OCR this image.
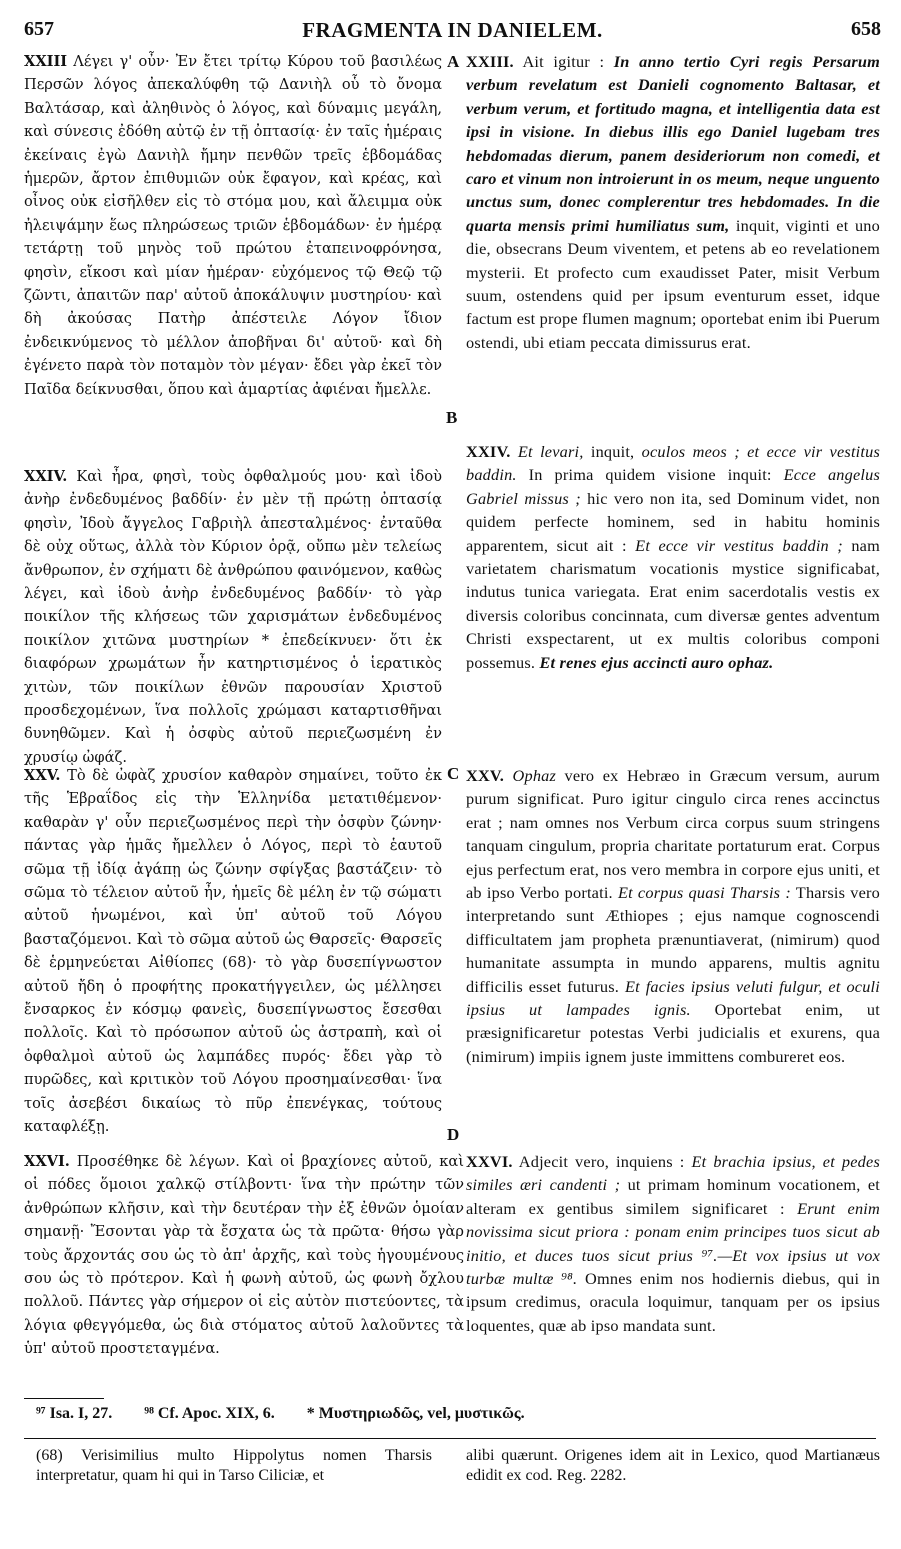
657	FRAGMENTA IN DANIELEM.	658
A
B
C
D

XXIII Λέγει γ' οὖν· Ἐν ἔτει τρίτῳ Κύρου τοῦ βασιλέως Περσῶν λόγος ἀπεκαλύφθη τῷ Δανιὴλ οὗ τὸ ὄνομα Βαλτάσαρ, καὶ ἀληθινὸς ὁ λόγος, καὶ δύναμις μεγάλη, καὶ σύνεσις ἐδόθη αὐτῷ ἐν τῇ ὀπτασίᾳ· ἐν ταῖς ἡμέραις ἐκείναις ἐγὼ Δανιὴλ ἤμην πενθῶν τρεῖς ἑβδομάδας ἡμερῶν, ἄρτον ἐπιθυμιῶν οὐκ ἔφαγον, καὶ κρέας, καὶ οἶνος οὐκ εἰσῆλθεν εἰς τὸ στόμα μου, καὶ ἄλειμμα οὐκ ἠλειψάμην ἕως πληρώσεως τριῶν ἑβδομάδων· ἐν ἡμέρᾳ τετάρτῃ τοῦ μηνὸς τοῦ πρώτου ἐταπεινοφρόνησα, φησὶν, εἴκοσι καὶ μίαν ἡμέραν· εὐχόμενος τῷ Θεῷ τῷ ζῶντι, ἀπαιτῶν παρ' αὐτοῦ ἀποκάλυψιν μυστηρίου· καὶ δὴ ἀκούσας Πατὴρ ἀπέστειλε Λόγον ἴδιον ἐνδεικνύμενος τὸ μέλλον ἀποβῆναι δι' αὐτοῦ· καὶ δὴ ἐγένετο παρὰ τὸν ποταμὸν τὸν μέγαν· ἔδει γὰρ ἐκεῖ τὸν Παῖδα δείκνυσθαι, ὅπου καὶ ἁμαρτίας ἀφιέναι ἤμελλε.

XXIV. Καὶ ἦρα, φησὶ, τοὺς ὀφθαλμούς μου· καὶ ἰδοὺ ἀνὴρ ἐνδεδυμένος βαδδίν· ἐν μὲν τῇ πρώτῃ ὀπτασίᾳ φησὶν, Ἰδοὺ ἄγγελος Γαβριὴλ ἀπεσταλμένος· ἐνταῦθα δὲ οὐχ οὕτως, ἀλλὰ τὸν Κύριον ὁρᾷ, οὔπω μὲν τελείως ἄνθρωπον, ἐν σχήματι δὲ ἀνθρώπου φαινόμενον, καθὼς λέγει, καὶ ἰδοὺ ἀνὴρ ἐνδεδυμένος βαδδίν· τὸ γὰρ ποικίλον τῆς κλήσεως τῶν χαρισμάτων ἐνδεδυμένος ποικίλον χιτῶνα μυστηρίων * ἐπεδείκνυεν· ὅτι ἐκ διαφόρων χρωμάτων ἦν κατηρτισμένος ὁ ἱερατικὸς χιτὼν, τῶν ποικίλων ἐθνῶν παρουσίαν Χριστοῦ προσδεχομένων, ἵνα πολλοῖς χρώμασι καταρτισθῆναι δυνηθῶμεν. Καὶ ἡ ὀσφὺς αὐτοῦ περιεζωσμένη ἐν χρυσίῳ ὠφάζ.

XXV. Τὸ δὲ ὠφὰζ χρυσίον καθαρὸν σημαίνει, τοῦτο ἐκ τῆς Ἑβραΐδος εἰς τὴν Ἑλληνίδα μετατιθέμενον· καθαρὰν γ' οὖν περιεζωσμένος περὶ τὴν ὀσφὺν ζώνην· πάντας γὰρ ἡμᾶς ἤμελλεν ὁ Λόγος, περὶ τὸ ἑαυτοῦ σῶμα τῇ ἰδίᾳ ἀγάπῃ ὡς ζώνην σφίγξας βαστάζειν· τὸ σῶμα τὸ τέλειον αὐτοῦ ἦν, ἡμεῖς δὲ μέλη ἐν τῷ σώματι αὐτοῦ ἡνωμένοι, καὶ ὑπ' αὐτοῦ τοῦ Λόγου βασταζόμενοι. Καὶ τὸ σῶμα αὐτοῦ ὡς Θαρσεῖς· Θαρσεῖς δὲ ἑρμηνεύεται Αἰθίοπες (68)· τὸ γὰρ δυσεπίγνωστον αὐτοῦ ἤδη ὁ προφήτης προκατήγγειλεν, ὡς μέλλησει ἔνσαρκος ἐν κόσμῳ φανεὶς, δυσεπίγνωστος ἔσεσθαι πολλοῖς. Καὶ τὸ πρόσωπον αὐτοῦ ὡς ἀστραπὴ, καὶ οἱ ὀφθαλμοὶ αὐτοῦ ὡς λαμπάδες πυρός· ἔδει γὰρ τὸ πυρῶδες, καὶ κριτικὸν τοῦ Λόγου προσημαίνεσθαι· ἵνα τοῖς ἀσεβέσι δικαίως τὸ πῦρ ἐπενέγκας, τούτους καταφλέξῃ.

XXVI. Προσέθηκε δὲ λέγων. Καὶ οἱ βραχίονες αὐτοῦ, καὶ οἱ πόδες ὅμοιοι χαλκῷ στίλβοντι· ἵνα τὴν πρώτην τῶν ἀνθρώπων κλῆσιν, καὶ τὴν δευτέραν τὴν ἐξ ἐθνῶν ὁμοίαν σημανῇ· Ἔσονται γὰρ τὰ ἔσχατα ὡς τὰ πρῶτα· θήσω γὰρ τοὺς ἄρχοντάς σου ὡς τὸ ἀπ' ἀρχῆς, καὶ τοὺς ἡγουμένους σου ὡς τὸ πρότερον. Καὶ ἡ φωνὴ αὐτοῦ, ὡς φωνὴ ὄχλου πολλοῦ. Πάντες γὰρ σήμερον οἱ εἰς αὐτὸν πιστεύοντες, τὰ λόγια φθεγγόμεθα, ὡς διὰ στόματος αὐτοῦ λαλοῦντες τὰ ὑπ' αὐτοῦ προστεταγμένα.

XXIII. Ait igitur : In anno tertio Cyri regis Persarum verbum revelatum est Danieli cognomento Baltasar, et verbum verum, et fortitudo magna, et intelligentia data est ipsi in visione. In diebus illis ego Daniel lugebam tres hebdomadas dierum, panem desideriorum non comedi, et caro et vinum non introierunt in os meum, neque unguento unctus sum, donec complerentur tres hebdomades. In die quarta mensis primi humiliatus sum, inquit, viginti et uno die, obsecrans Deum viventem, et petens ab eo revelationem mysterii. Et profecto cum exaudisset Pater, misit Verbum suum, ostendens quid per ipsum eventurum esset, idque factum est prope flumen magnum; oportebat enim ibi Puerum ostendi, ubi etiam peccata dimissurus erat.

XXIV. Et levari, inquit, oculos meos ; et ecce vir vestitus baddin. In prima quidem visione inquit: Ecce angelus Gabriel missus ; hic vero non ita, sed Dominum videt, non quidem perfecte hominem, sed in habitu hominis apparentem, sicut ait : Et ecce vir vestitus baddin ; nam varietatem charismatum vocationis mystice significabat, indutus tunica variegata. Erat enim sacerdotalis vestis ex diversis coloribus concinnata, cum diversæ gentes adventum Christi exspectarent, ut ex multis coloribus componi possemus. Et renes ejus accincti auro ophaz.

XXV. Ophaz vero ex Hebræo in Græcum versum, aurum purum significat. Puro igitur cingulo circa renes accinctus erat ; nam omnes nos Verbum circa corpus suum stringens tanquam cingulum, propria charitate portaturum erat. Corpus ejus perfectum erat, nos vero membra in corpore ejus uniti, et ab ipso Verbo portati. Et corpus quasi Tharsis : Tharsis vero interpretando sunt Æthiopes ; ejus namque cognoscendi difficultatem jam propheta prænuntiaverat, (nimirum) quod humanitate assumpta in mundo apparens, multis agnitu difficilis esset futurus. Et facies ipsius veluti fulgur, et oculi ipsius ut lampades ignis. Oportebat enim, ut præsignificaretur potestas Verbi judicialis et exurens, qua (nimirum) impiis ignem juste immittens combureret eos.

XXVI. Adjecit vero, inquiens : Et brachia ipsius, et pedes similes æri candenti ; ut primam hominum vocationem, et alteram ex gentibus similem significaret : Erunt enim novissima sicut priora : ponam enim principes tuos sicut ab initio, et duces tuos sicut prius ⁹⁷.—Et vox ipsius ut vox turbæ multæ ⁹⁸. Omnes enim nos hodiernis diebus, qui in ipsum credimus, oracula loquimur, tanquam per os ipsius loquentes, quæ ab ipso mandata sunt.

⁹⁷ Isa. I, 27. ⁹⁸ Cf. Apoc. XIX, 6. * Μυστηριωδῶς, vel, μυστικῶς.
(68) Verisimilius multo Hippolytus nomen Tharsis interpretatur, quam hi qui in Tarso Ciliciæ, et
alibi quærunt. Origenes idem ait in Lexico, quod Martianæus edidit ex cod. Reg. 2282.
